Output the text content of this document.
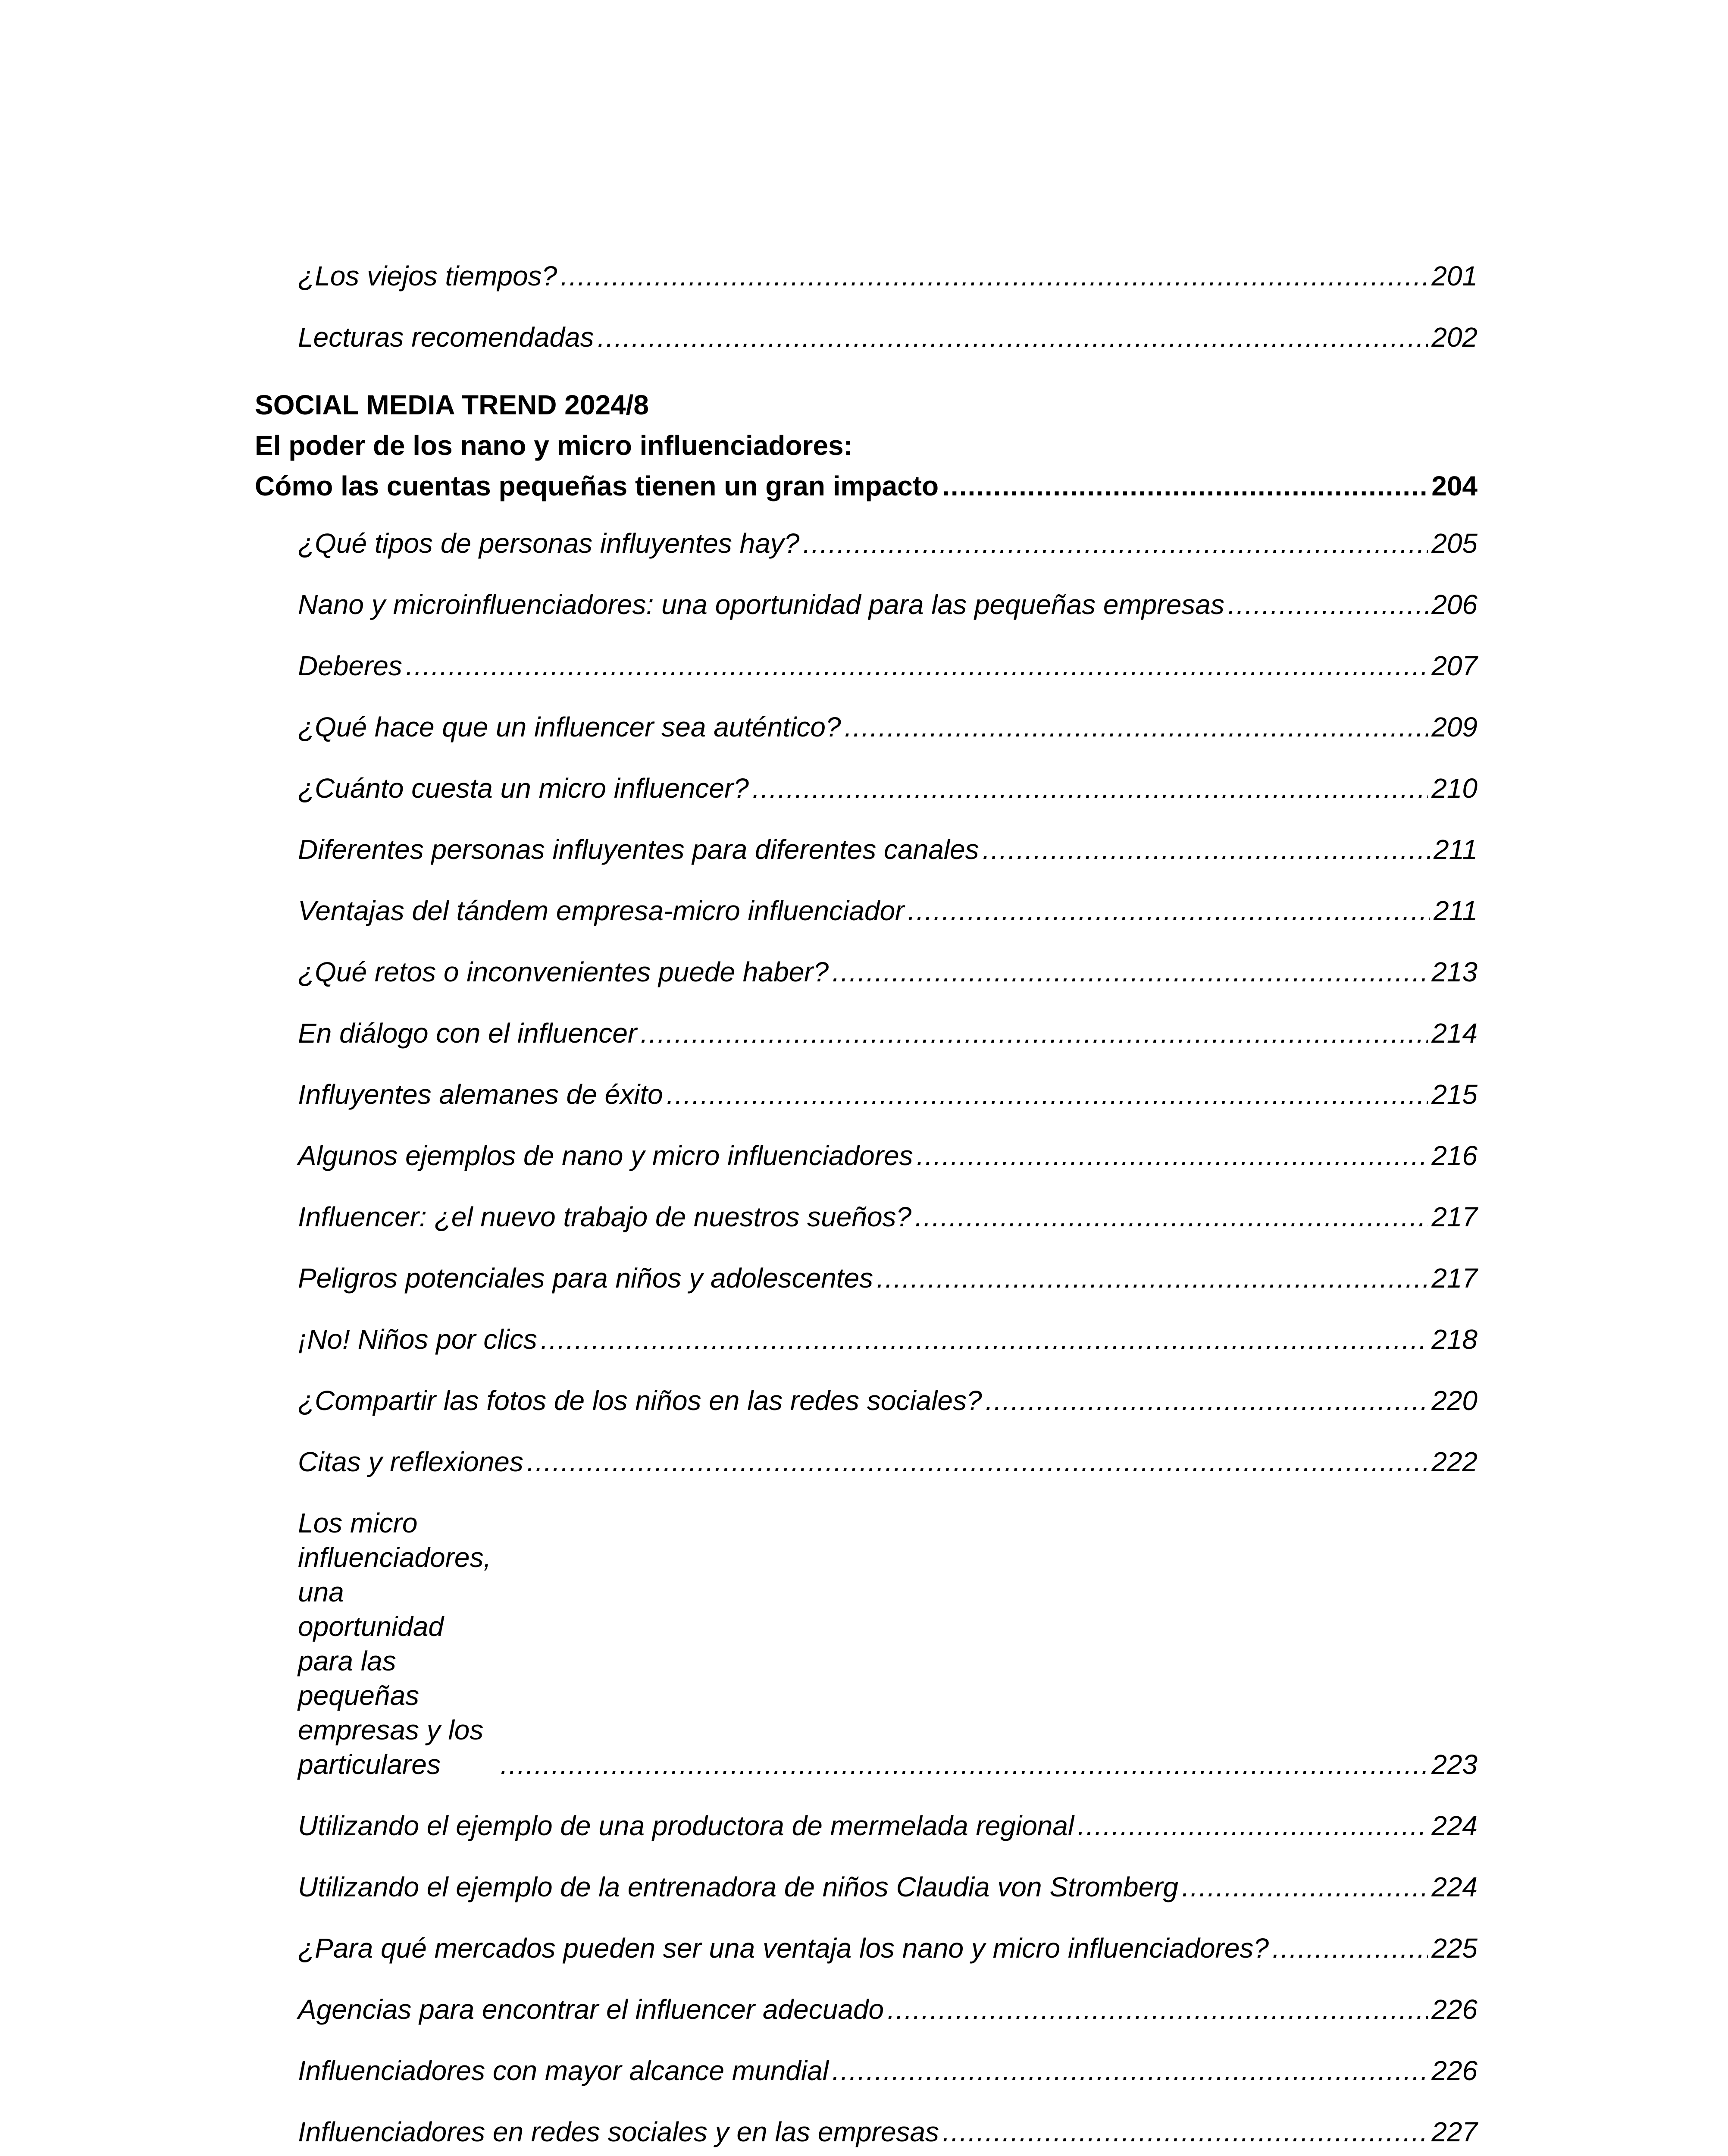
¿Los viejos tiempos? .....	201
Lecturas recomendadas .....	202
SOCIAL MEDIA TREND 2024/8
El poder de los nano y micro influenciadores:
Cómo las cuentas pequeñas tienen un gran impacto .....	204
¿Qué tipos de personas influyentes hay? .....	205
Nano y microinfluenciadores: una oportunidad para las pequeñas empresas .....	206
Deberes .....	207
¿Qué hace que un influencer sea auténtico? .....	209
¿Cuánto cuesta un micro influencer? .....	210
Diferentes personas influyentes para diferentes canales .....	211
Ventajas del tándem empresa-micro influenciador .....	211
¿Qué retos o inconvenientes puede haber? .....	213
En diálogo con el influencer .....	214
Influyentes alemanes de éxito .....	215
Algunos ejemplos de nano y micro influenciadores .....	216
Influencer: ¿el nuevo trabajo de nuestros sueños? .....	217
Peligros potenciales para niños y adolescentes .....	217
¡No! Niños por clics .....	218
¿Compartir las fotos de los niños en las redes sociales? .....	220
Citas y reflexiones .....	222
Los micro influenciadores, una oportunidad
para las pequeñas empresas y los particulares .....	223
Utilizando el ejemplo de una productora de mermelada regional .....	224
Utilizando el ejemplo de la entrenadora de niños Claudia von Stromberg .....	224
¿Para qué mercados pueden ser una ventaja los nano y micro influenciadores? .....	225
Agencias para encontrar el influencer adecuado .....	226
Influenciadores con mayor alcance mundial .....	226
Influenciadores en redes sociales y en las empresas .....	227
